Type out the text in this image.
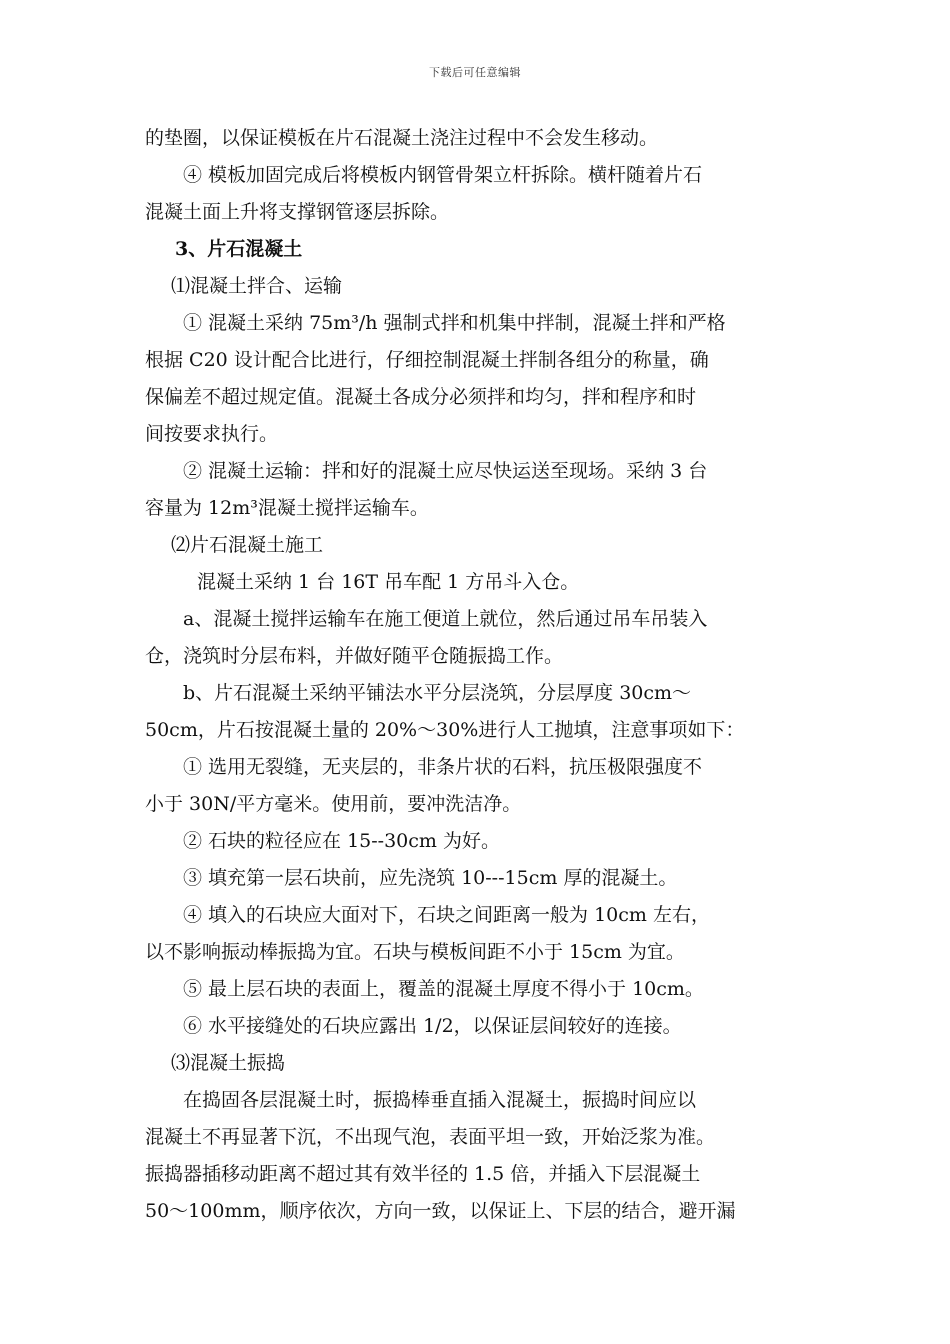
下载后可任意编辑

的垫圈，以保证模板在片石混凝土浇注过程中不会发生移动。

④ 模板加固完成后将模板内钢管骨架立杆拆除。横杆随着片石

混凝土面上升将支撑钢管逐层拆除。

3、片石混凝土

⑴混凝土拌合、运输

① 混凝土采纳 75m³/h 强制式拌和机集中拌制，混凝土拌和严格

根据 C20 设计配合比进行，仔细控制混凝土拌制各组分的称量，确

保偏差不超过规定值。混凝土各成分必须拌和均匀，拌和程序和时

间按要求执行。

② 混凝土运输：拌和好的混凝土应尽快运送至现场。采纳 3 台

容量为 12m³混凝土搅拌运输车。

⑵片石混凝土施工

混凝土采纳 1 台 16T 吊车配 1 方吊斗入仓。

a、混凝土搅拌运输车在施工便道上就位，然后通过吊车吊装入

仓，浇筑时分层布料，并做好随平仓随振捣工作。

b、片石混凝土采纳平铺法水平分层浇筑，分层厚度 30cm～

50cm，片石按混凝土量的 20%～30%进行人工抛填，注意事项如下：

① 选用无裂缝，无夹层的，非条片状的石料，抗压极限强度不

小于 30N/平方毫米。使用前，要冲洗洁净。

② 石块的粒径应在 15--30cm 为好。

③ 填充第一层石块前，应先浇筑 10---15cm 厚的混凝土。

④ 填入的石块应大面对下，石块之间距离一般为 10cm 左右，

以不影响振动棒振捣为宜。石块与模板间距不小于 15cm 为宜。

⑤ 最上层石块的表面上，覆盖的混凝土厚度不得小于 10cm。

⑥ 水平接缝处的石块应露出 1/2，以保证层间较好的连接。

⑶混凝土振捣

在捣固各层混凝土时，振捣棒垂直插入混凝土，振捣时间应以

混凝土不再显著下沉，不出现气泡，表面平坦一致，开始泛浆为准。

振捣器插移动距离不超过其有效半径的 1.5 倍，并插入下层混凝土

50～100mm，顺序依次，方向一致，以保证上、下层的结合，避开漏
